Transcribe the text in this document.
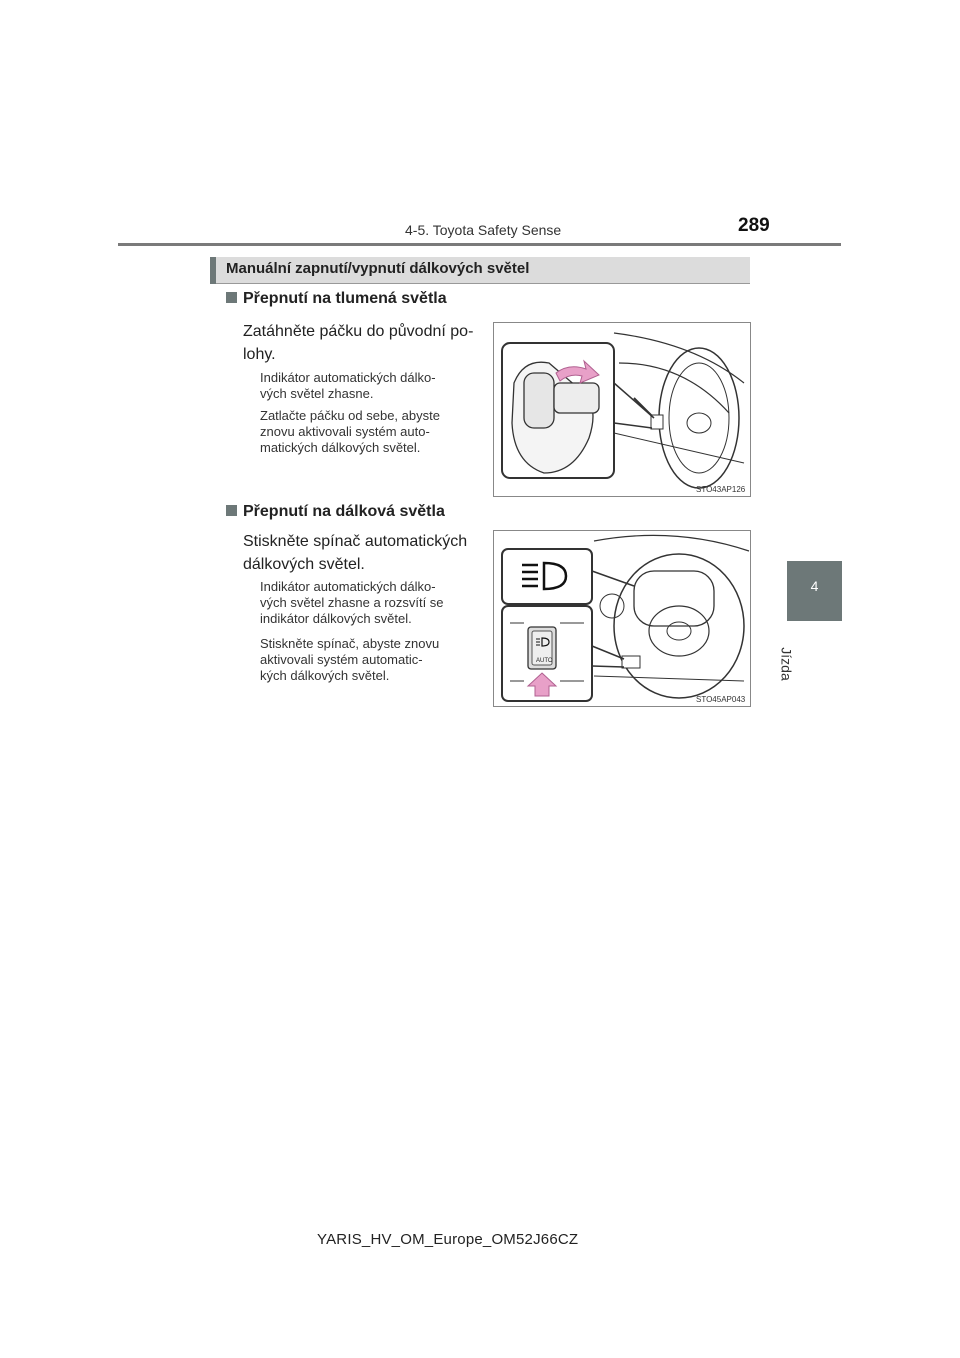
4-5. Toyota Safety Sense	289
4
Jízda
Manuální zapnutí/vypnutí dálkových světel
Přepnutí na tlumená světla
Zatáhněte páčku do původní po-
lohy.
Indikátor automatických dálko-
vých světel zhasne.
Zatlačte páčku od sebe, abyste
znovu aktivovali systém auto-
matických dálkových světel.
STO43AP126
Přepnutí na dálková světla
Stiskněte spínač automatických
dálkových světel.
Indikátor automatických dálko-
vých světel zhasne a rozsvítí se
indikátor dálkových světel.
Stiskněte spínač, abyste znovu
aktivovali systém automatic-
kých dálkových světel.
AUTO
STO45AP043
YARIS_HV_OM_Europe_OM52J66CZ
